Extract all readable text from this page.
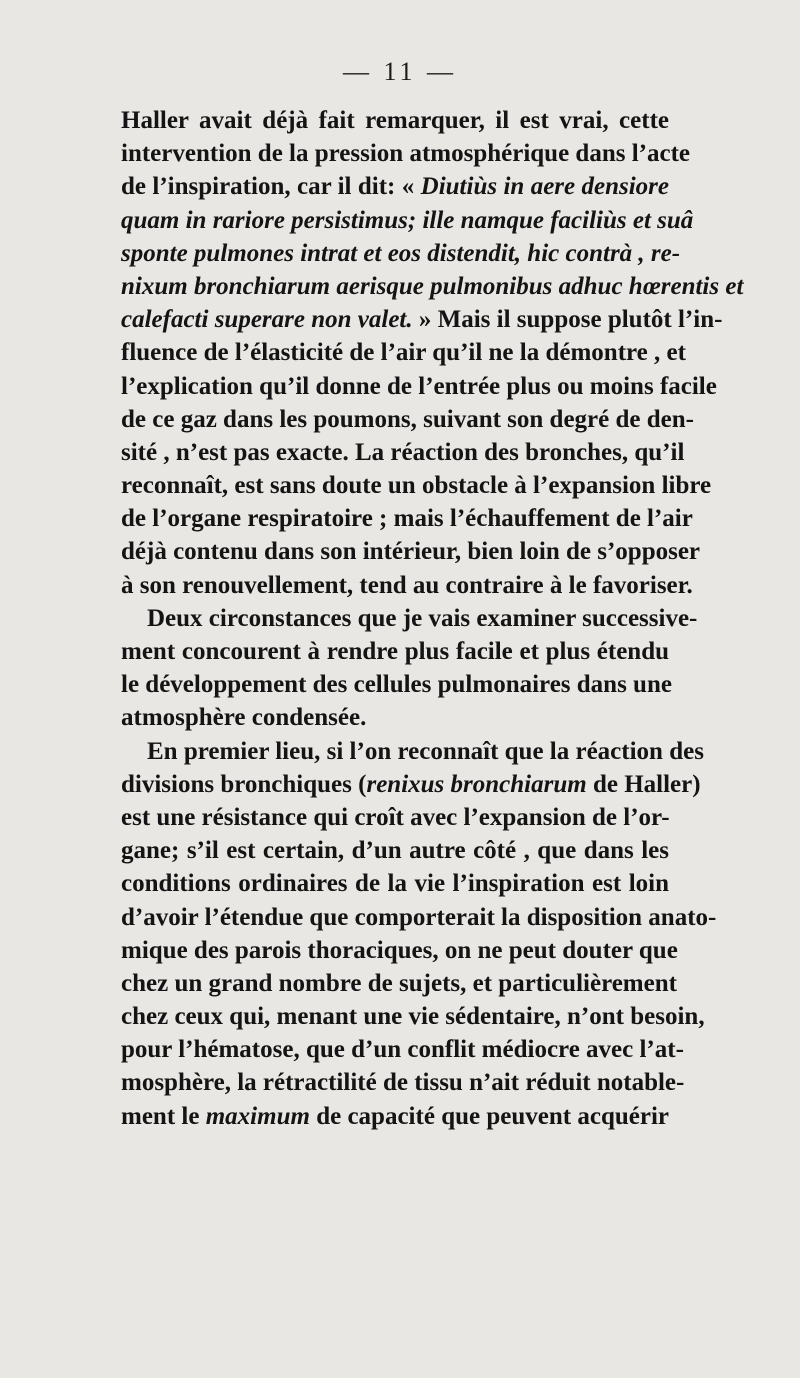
— 11 —
Haller avait déjà fait remarquer, il est vrai, cette
intervention de la pression atmosphérique dans l’acte
de l’inspiration, car il dit: « Diutiùs in aere densiore
quam in rariore persistimus; ille namque faciliùs et suâ
sponte pulmones intrat et eos distendit, hic contrà , re-
nixum bronchiarum aerisque pulmonibus adhuc hœrentis et
calefacti superare non valet. » Mais il suppose plutôt l’in-
fluence de l’élasticité de l’air qu’il ne la démontre , et
l’explication qu’il donne de l’entrée plus ou moins facile
de ce gaz dans les poumons, suivant son degré de den-
sité , n’est pas exacte. La réaction des bronches, qu’il
reconnaît, est sans doute un obstacle à l’expansion libre
de l’organe respiratoire ; mais l’échauffement de l’air
déjà contenu dans son intérieur, bien loin de s’opposer
à son renouvellement, tend au contraire à le favoriser.
Deux circonstances que je vais examiner successive-
ment concourent à rendre plus facile et plus étendu
le développement des cellules pulmonaires dans une
atmosphère condensée.
En premier lieu, si l’on reconnaît que la réaction des
divisions bronchiques (renixus bronchiarum de Haller)
est une résistance qui croît avec l’expansion de l’or-
gane; s’il est certain, d’un autre côté , que dans les
conditions ordinaires de la vie l’inspiration est loin
d’avoir l’étendue que comporterait la disposition anato-
mique des parois thoraciques, on ne peut douter que
chez un grand nombre de sujets, et particulièrement
chez ceux qui, menant une vie sédentaire, n’ont besoin,
pour l’hématose, que d’un conflit médiocre avec l’at-
mosphère, la rétractilité de tissu n’ait réduit notable-
ment le maximum de capacité que peuvent acquérir
